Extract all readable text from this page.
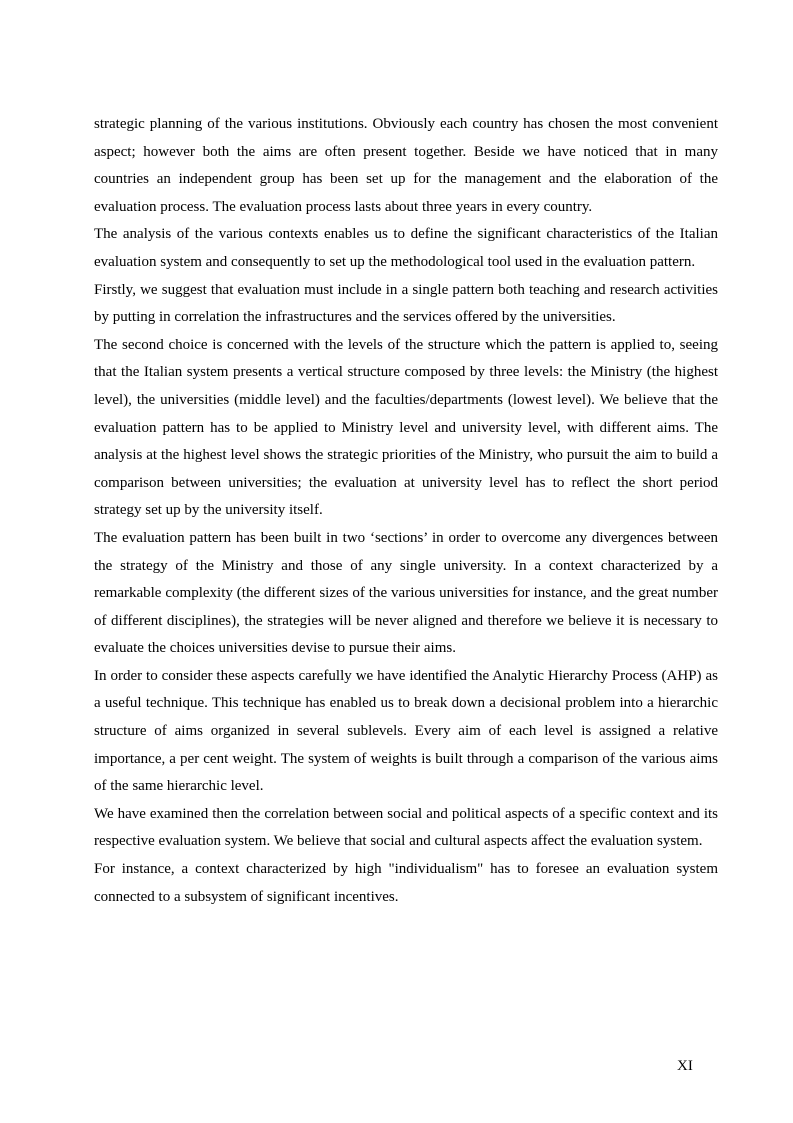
strategic planning of the various institutions. Obviously each country has chosen the most convenient aspect; however both the aims are often present together. Beside we have noticed that in many countries an independent group has been set up for the management and the elaboration of the evaluation process. The evaluation process lasts about three years in every country.

The analysis of the various contexts enables us to define the significant characteristics of the Italian evaluation system and consequently to set up the methodological tool used in the evaluation pattern.

Firstly, we suggest that evaluation must include in a single pattern both teaching and research activities by putting in correlation the infrastructures and the services offered by the universities.

The second choice is concerned with the levels of the structure which the pattern is applied to, seeing that the Italian system presents a vertical structure composed by three levels: the Ministry (the highest level), the universities (middle level) and the faculties/departments (lowest level). We believe that the evaluation pattern has to be applied to Ministry level and university level, with different aims. The analysis at the highest level shows the strategic priorities of the Ministry, who pursuit the aim to build a comparison between universities; the evaluation at university level has to reflect the short period strategy set up by the university itself.

The evaluation pattern has been built in two ‘sections’ in order to overcome any divergences between the strategy of the Ministry and those of any single university. In a context characterized by a remarkable complexity (the different sizes of the various universities for instance, and the great number of different disciplines), the strategies will be never aligned and therefore we believe it is necessary to evaluate the choices universities devise to pursue their aims.

In order to consider these aspects carefully we have identified the Analytic Hierarchy Process (AHP) as a useful technique. This technique has enabled us to break down a decisional problem into a hierarchic structure of aims organized in several sublevels. Every aim of each level is assigned a relative importance, a per cent weight. The system of weights is built through a comparison of the various aims of the same hierarchic level.

We have examined then the correlation between social and political aspects of a specific context and its respective evaluation system. We believe that social and cultural aspects affect the evaluation system.

For instance, a context characterized by high "individualism" has to foresee an evaluation system connected to a subsystem of significant incentives.

XI
